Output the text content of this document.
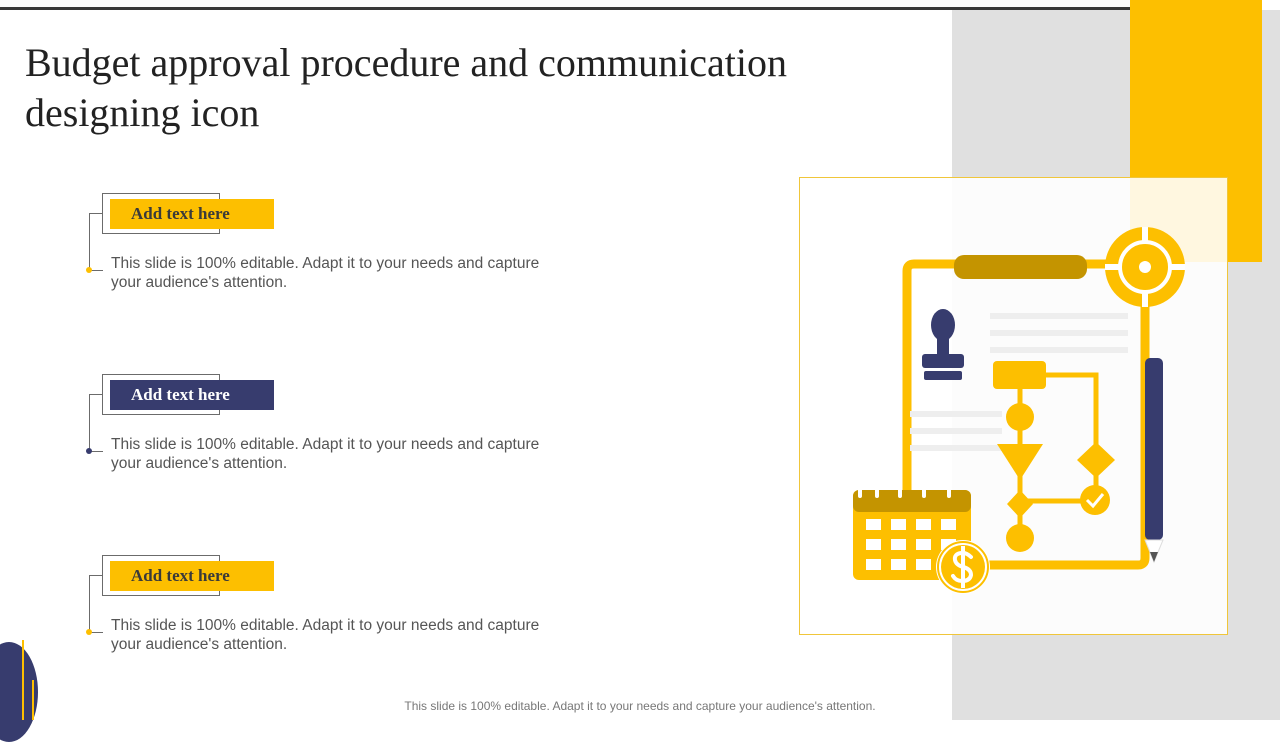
Budget approval procedure and communication designing icon
Add text here

This slide is 100% editable. Adapt it to your needs and capture your audience's attention.

Add text here

This slide is 100% editable. Adapt it to your needs and capture your audience's attention.

Add text here

This slide is 100% editable. Adapt it to your needs and capture your audience's attention.

This slide is 100% editable. Adapt it to your needs and capture your audience's attention.
